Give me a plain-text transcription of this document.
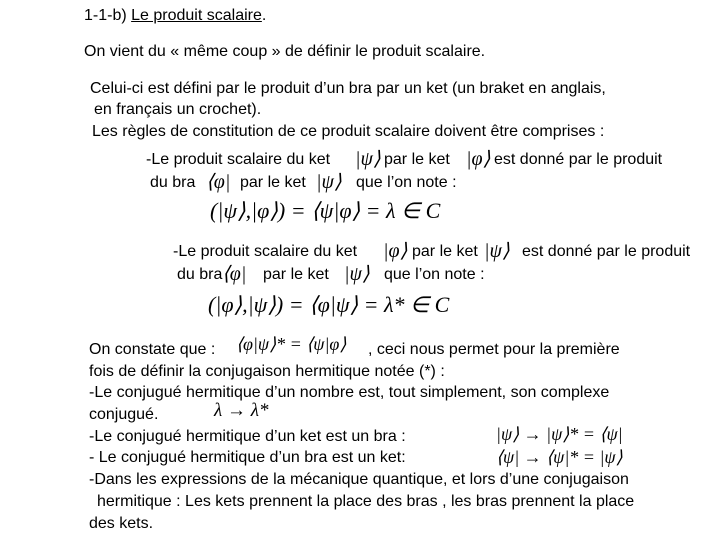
1-1-b) Le produit scalaire.
On vient du « même coup » de définir le produit scalaire.
Celui-ci est défini par le produit d’un bra par un ket (un braket en anglais,
en français un crochet).
Les règles de constitution de ce produit scalaire doivent être comprises :
-Le produit scalaire du ket |ψ⟩ par le ket |φ⟩ est donné par le produit
du bra ⟨φ| par le ket |ψ⟩ que l’on note :
(|ψ⟩,|φ⟩) = ⟨ψ|φ⟩ = λ ∈ C
-Le produit scalaire du ket |φ⟩ par le ket |ψ⟩ est donné par le produit
du bra ⟨φ| par le ket |ψ⟩ que l’on note :
(|φ⟩,|ψ⟩) = ⟨φ|ψ⟩ = λ* ∈ C
On constate que : ⟨φ|ψ⟩* = ⟨ψ|φ⟩ , ceci nous permet pour la première
fois de définir la conjugaison hermitique notée (*) :
-Le conjugué hermitique d’un nombre est, tout simplement, son complexe
conjugué.	λ → λ*
-Le conjugué hermitique d’un ket est un bra :	|ψ⟩ → |ψ⟩* = ⟨ψ|
- Le conjugué hermitique d’un bra est un ket:	⟨ψ| → ⟨ψ|* = |ψ⟩
-Dans les expressions de la mécanique quantique, et lors d’une conjugaison
hermitique : Les kets prennent la place des bras , les bras prennent la place
des kets.
